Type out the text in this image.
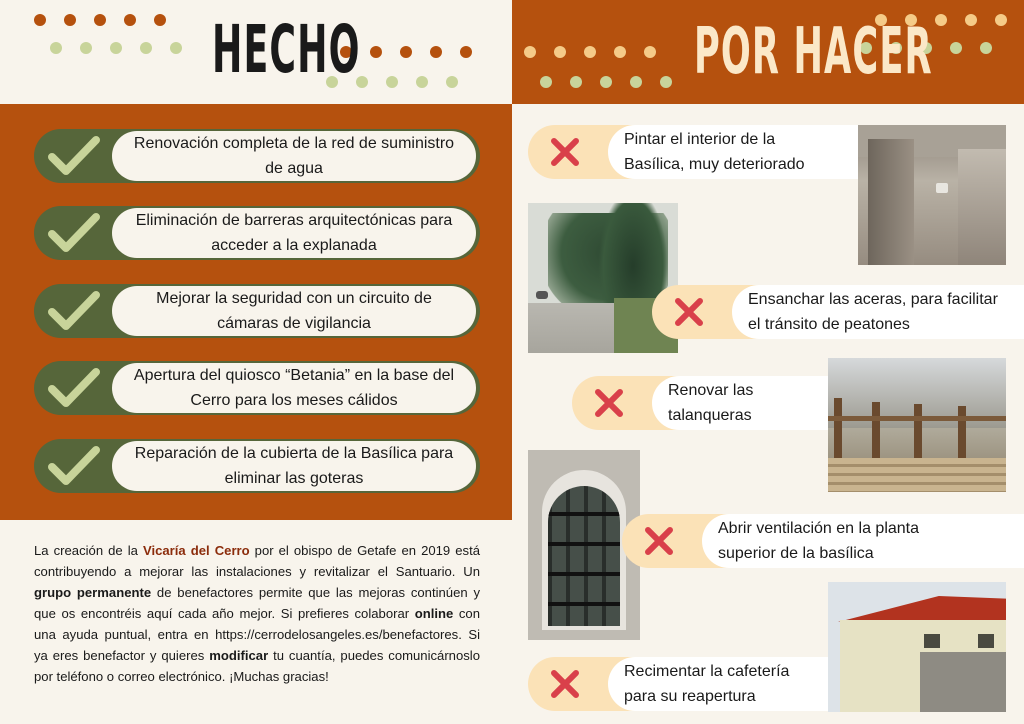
HECHO	POR HACER
Renovación completa de la red de suministro de agua
Eliminación de barreras arquitectónicas para acceder a la explanada
Mejorar la seguridad con un circuito de cámaras de vigilancia
Apertura del quiosco “Betania” en la base del Cerro para los meses cálidos
Reparación de la cubierta de la Basílica para eliminar las goteras
La creación de la Vicaría del Cerro por el obispo de Getafe en 2019 está contribuyendo a mejorar las instalaciones y revitalizar el Santuario. Un grupo permanente de benefactores permite que las mejoras continúen y que os encontréis aquí cada año mejor. Si prefieres colaborar online con una ayuda puntual, entra en https://cerrodelosangeles.es/benefactores. Si ya eres benefactor y quieres modificar tu cuantía, puedes comunicárnoslo por teléfono o correo electrónico. ¡Muchas gracias!
Pintar el interior de la Basílica, muy deteriorado
Ensanchar las aceras, para facilitar el tránsito de peatones
Renovar las talanqueras
Abrir ventilación en la planta superior de la basílica
Recimentar la cafetería para su reapertura
